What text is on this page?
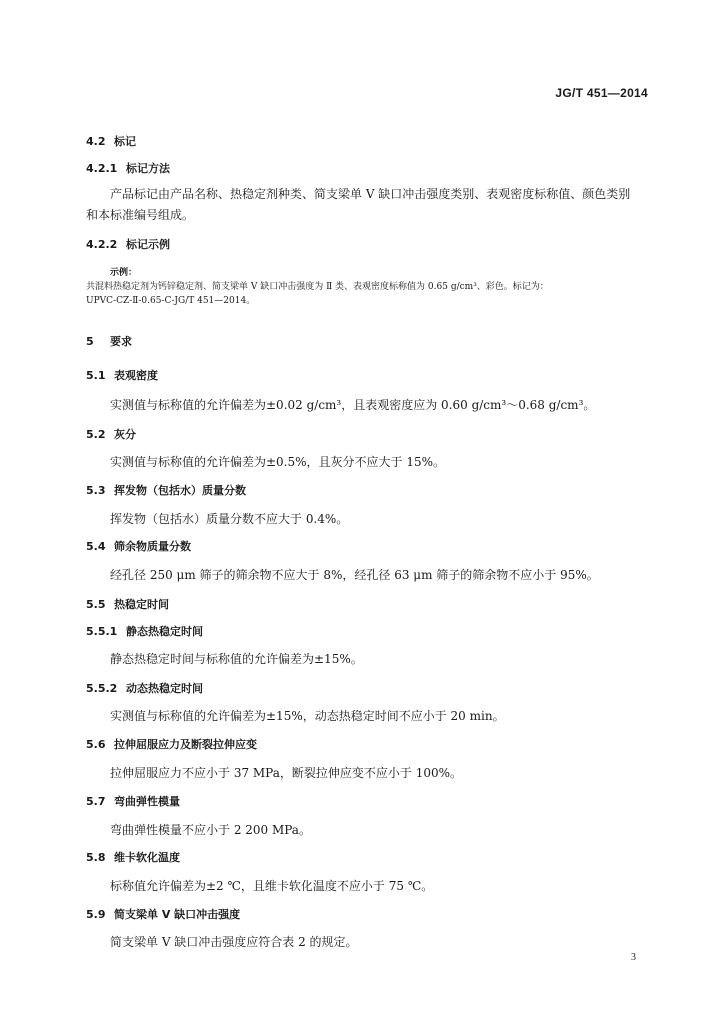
JG/T 451—2014
4.2 标记
4.2.1 标记方法
产品标记由产品名称、热稳定剂种类、简支梁单 V 缺口冲击强度类别、表观密度标称值、颜色类别
和本标准编号组成。
4.2.2 标记示例
示例：
共混料热稳定剂为钙锌稳定剂、简支梁单 V 缺口冲击强度为 Ⅱ 类、表观密度标称值为 0.65 g/cm³、彩色。标记为：
UPVC-CZ-Ⅱ-0.65-C-JG/T 451—2014。
5 要求
5.1 表观密度
实测值与标称值的允许偏差为±0.02 g/cm³，且表观密度应为 0.60 g/cm³～0.68 g/cm³。
5.2 灰分
实测值与标称值的允许偏差为±0.5%，且灰分不应大于 15%。
5.3 挥发物（包括水）质量分数
挥发物（包括水）质量分数不应大于 0.4%。
5.4 筛余物质量分数
经孔径 250 μm 筛子的筛余物不应大于 8%，经孔径 63 μm 筛子的筛余物不应小于 95%。
5.5 热稳定时间
5.5.1 静态热稳定时间
静态热稳定时间与标称值的允许偏差为±15%。
5.5.2 动态热稳定时间
实测值与标称值的允许偏差为±15%，动态热稳定时间不应小于 20 min。
5.6 拉伸屈服应力及断裂拉伸应变
拉伸屈服应力不应小于 37 MPa，断裂拉伸应变不应小于 100%。
5.7 弯曲弹性模量
弯曲弹性模量不应小于 2 200 MPa。
5.8 维卡软化温度
标称值允许偏差为±2 ℃，且维卡软化温度不应小于 75 ℃。
5.9 简支梁单 V 缺口冲击强度
简支梁单 V 缺口冲击强度应符合表 2 的规定。
3
